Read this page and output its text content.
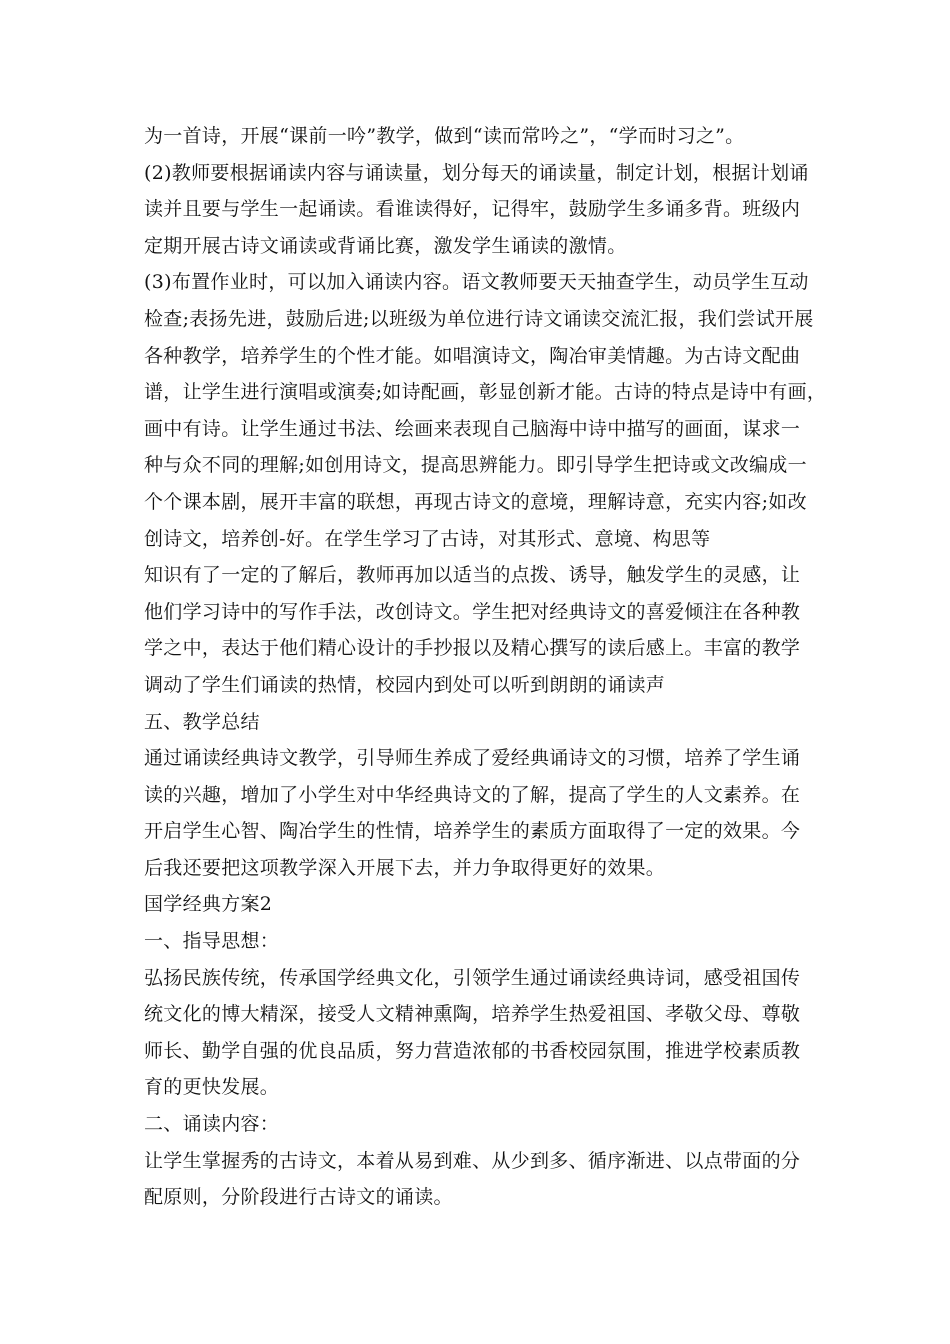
为一首诗，开展“课前一吟”教学，做到“读而常吟之”，“学而时习之”。
(2)教师要根据诵读内容与诵读量，划分每天的诵读量，制定计划，根据计划诵
读并且要与学生一起诵读。看谁读得好，记得牢，鼓励学生多诵多背。班级内
定期开展古诗文诵读或背诵比赛，激发学生诵读的激情。
(3)布置作业时，可以加入诵读内容。语文教师要天天抽查学生，动员学生互动
检查;表扬先进，鼓励后进;以班级为单位进行诗文诵读交流汇报，我们尝试开展
各种教学，培养学生的个性才能。如唱演诗文，陶冶审美情趣。为古诗文配曲
谱，让学生进行演唱或演奏;如诗配画，彰显创新才能。古诗的特点是诗中有画，
画中有诗。让学生通过书法、绘画来表现自己脑海中诗中描写的画面，谋求一
种与众不同的理解;如创用诗文，提高思辨能力。即引导学生把诗或文改编成一
个个课本剧，展开丰富的联想，再现古诗文的意境，理解诗意，充实内容;如改
创诗文，培养创-好。在学生学习了古诗，对其形式、意境、构思等
知识有了一定的了解后，教师再加以适当的点拨、诱导，触发学生的灵感，让
他们学习诗中的写作手法，改创诗文。学生把对经典诗文的喜爱倾注在各种教
学之中，表达于他们精心设计的手抄报以及精心撰写的读后感上。丰富的教学
调动了学生们诵读的热情，校园内到处可以听到朗朗的诵读声
五、教学总结
通过诵读经典诗文教学，引导师生养成了爱经典诵诗文的习惯，培养了学生诵
读的兴趣，增加了小学生对中华经典诗文的了解，提高了学生的人文素养。在
开启学生心智、陶冶学生的性情，培养学生的素质方面取得了一定的效果。今
后我还要把这项教学深入开展下去，并力争取得更好的效果。
国学经典方案2
一、指导思想：
弘扬民族传统，传承国学经典文化，引领学生通过诵读经典诗词，感受祖国传
统文化的博大精深，接受人文精神熏陶，培养学生热爱祖国、孝敬父母、尊敬
师长、勤学自强的优良品质，努力营造浓郁的书香校园氛围，推进学校素质教
育的更快发展。
二、诵读内容：
让学生掌握秀的古诗文，本着从易到难、从少到多、循序渐进、以点带面的分
配原则，分阶段进行古诗文的诵读。
